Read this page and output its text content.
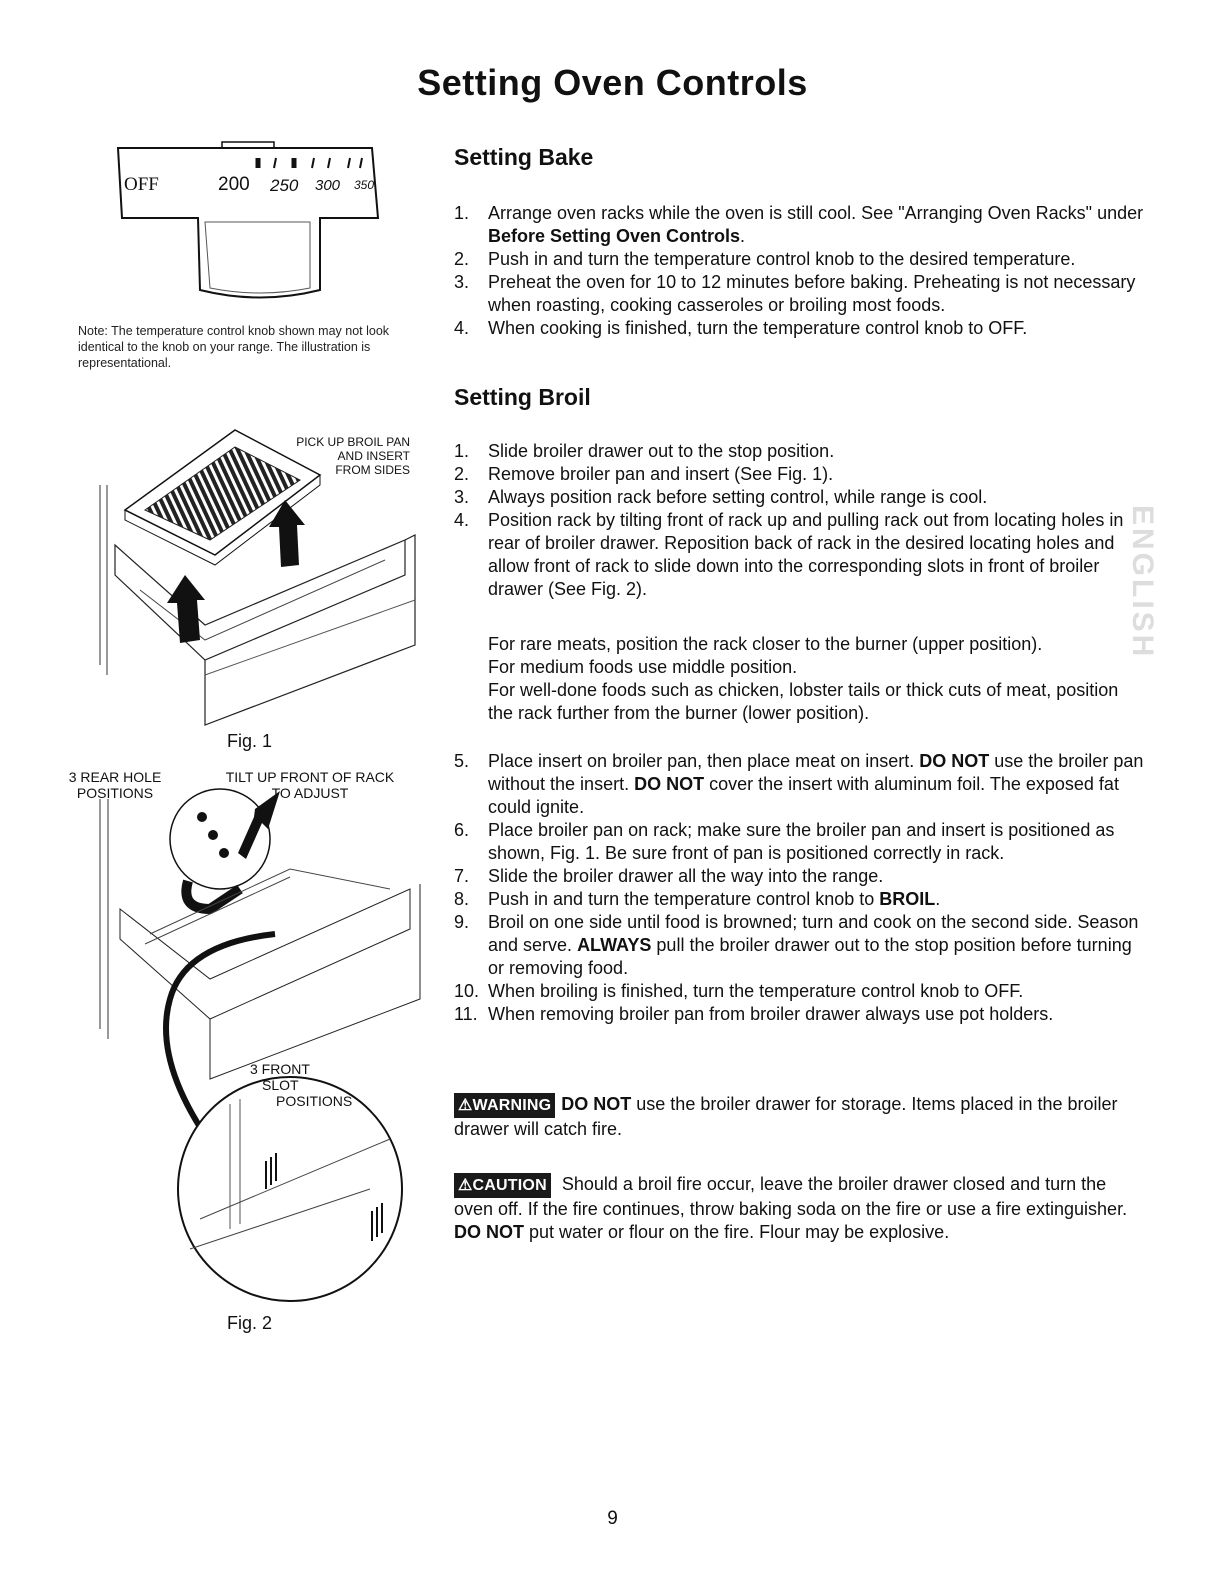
Setting Oven Controls
OFF	200 250 300 350
Note: The temperature control knob shown may not look identical to the knob on your range. The illustration is representational.
PICK UP BROIL PAN
AND INSERT
FROM SIDES
Fig. 1
3 REAR HOLE
POSITIONS
TILT UP FRONT OF RACK
TO ADJUST
3 FRONT
SLOT
POSITIONS
Fig. 2
Setting Bake
1.	Arrange oven racks while the oven is still cool. See "Arranging Oven Racks" under Before Setting Oven Controls.
2.	Push in and turn the temperature control knob to the desired temperature.
3.	Preheat the oven for 10 to 12 minutes before baking. Preheating is not necessary when roasting, cooking casseroles or broiling most foods.
4.	When cooking is finished, turn the temperature control knob to OFF.
Setting Broil
1.	Slide broiler drawer out to the stop position.
2.	Remove broiler pan and insert (See Fig. 1).
3.	Always position rack before setting control, while range is cool.
4.	Position rack by tilting front of rack up and pulling rack out from locating holes in rear of broiler drawer. Reposition back of rack in the desired locating holes and allow front of rack to slide down into the corresponding slots in front of broiler drawer (See Fig. 2).
For rare meats, position the rack closer to the burner (upper position).
For medium foods use middle position.
For well-done foods such as chicken, lobster tails or thick cuts of meat, position the rack further from the burner (lower position).
5.	Place insert on broiler pan, then place meat on insert. DO NOT use the broiler pan without the insert. DO NOT cover the insert with aluminum foil. The exposed fat could ignite.
6.	Place broiler pan on rack; make sure the broiler pan and insert is positioned as shown, Fig. 1. Be sure front of pan is positioned correctly in rack.
7.	Slide the broiler drawer all the way into the range.
8.	Push in and turn the temperature control knob to BROIL.
9.	Broil on one side until food is browned; turn and cook on the second side. Season and serve. ALWAYS pull the broiler drawer out to the stop position before turning or removing food.
10. When broiling is finished, turn the temperature control knob to OFF.
11. When removing broiler pan from broiler drawer always use pot holders.
⚠WARNING DO NOT use the broiler drawer for storage. Items placed in the broiler drawer will catch fire.
⚠CAUTION Should a broil fire occur, leave the broiler drawer closed and turn the oven off. If the fire continues, throw baking soda on the fire or use a fire extinguisher. DO NOT put water or flour on the fire. Flour may be explosive.
ENGLISH
9
